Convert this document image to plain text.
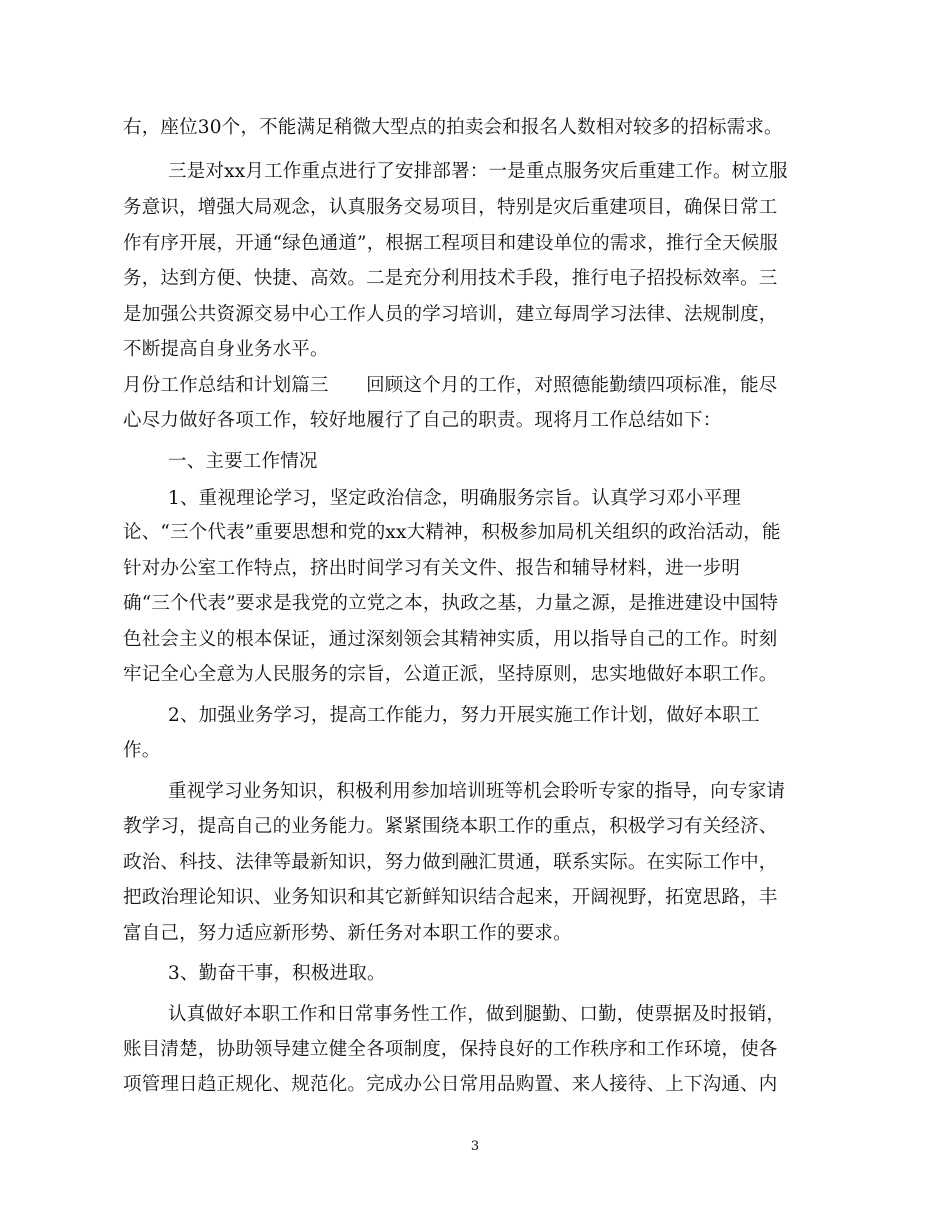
右，座位30个，不能满足稍微大型点的拍卖会和报名人数相对较多的招标需求。
三是对xx月工作重点进行了安排部署：一是重点服务灾后重建工作。树立服
务意识，增强大局观念，认真服务交易项目，特别是灾后重建项目，确保日常工
作有序开展，开通“绿色通道”，根据工程项目和建设单位的需求，推行全天候服
务，达到方便、快捷、高效。二是充分利用技术手段，推行电子招投标效率。三
是加强公共资源交易中心工作人员的学习培训，建立每周学习法律、法规制度，
不断提高自身业务水平。
月份工作总结和计划篇三　　回顾这个月的工作，对照德能勤绩四项标准，能尽
心尽力做好各项工作，较好地履行了自己的职责。现将月工作总结如下：
一、主要工作情况
1、重视理论学习，坚定政治信念，明确服务宗旨。认真学习邓小平理
论、“三个代表”重要思想和党的xx大精神，积极参加局机关组织的政治活动，能
针对办公室工作特点，挤出时间学习有关文件、报告和辅导材料，进一步明
确“三个代表”要求是我党的立党之本，执政之基，力量之源，是推进建设中国特
色社会主义的根本保证，通过深刻领会其精神实质，用以指导自己的工作。时刻
牢记全心全意为人民服务的宗旨，公道正派，坚持原则，忠实地做好本职工作。
2、加强业务学习，提高工作能力，努力开展实施工作计划，做好本职工
作。
重视学习业务知识，积极利用参加培训班等机会聆听专家的指导，向专家请
教学习，提高自己的业务能力。紧紧围绕本职工作的重点，积极学习有关经济、
政治、科技、法律等最新知识，努力做到融汇贯通，联系实际。在实际工作中，
把政治理论知识、业务知识和其它新鲜知识结合起来，开阔视野，拓宽思路，丰
富自己，努力适应新形势、新任务对本职工作的要求。
3、勤奋干事，积极进取。
认真做好本职工作和日常事务性工作，做到腿勤、口勤，使票据及时报销，
账目清楚，协助领导建立健全各项制度，保持良好的工作秩序和工作环境，使各
项管理日趋正规化、规范化。完成办公日常用品购置、来人接待、上下沟通、内
3
